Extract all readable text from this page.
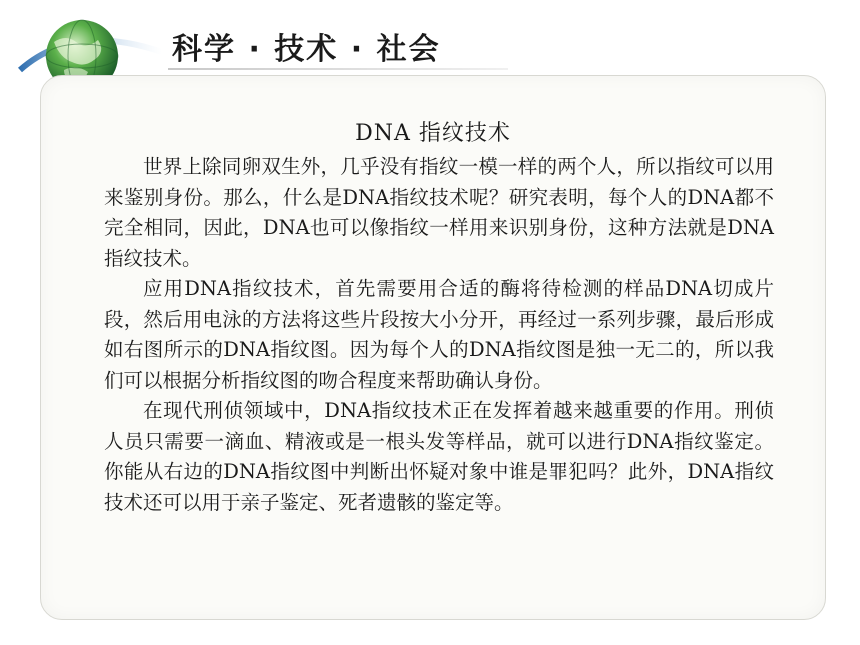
科学 · 技术 · 社会
DNA 指纹技术

世界上除同卵双生外，几乎没有指纹一模一样的两个人，所以指纹可以用来鉴别身份。那么，什么是DNA指纹技术呢？研究表明，每个人的DNA都不完全相同，因此，DNA也可以像指纹一样用来识别身份，这种方法就是DNA指纹技术。

应用DNA指纹技术，首先需要用合适的酶将待检测的样品DNA切成片段，然后用电泳的方法将这些片段按大小分开，再经过一系列步骤，最后形成如右图所示的DNA指纹图。因为每个人的DNA指纹图是独一无二的，所以我们可以根据分析指纹图的吻合程度来帮助确认身份。

在现代刑侦领域中，DNA指纹技术正在发挥着越来越重要的作用。刑侦人员只需要一滴血、精液或是一根头发等样品，就可以进行DNA指纹鉴定。你能从右边的DNA指纹图中判断出怀疑对象中谁是罪犯吗？此外，DNA指纹技术还可以用于亲子鉴定、死者遗骸的鉴定等。
